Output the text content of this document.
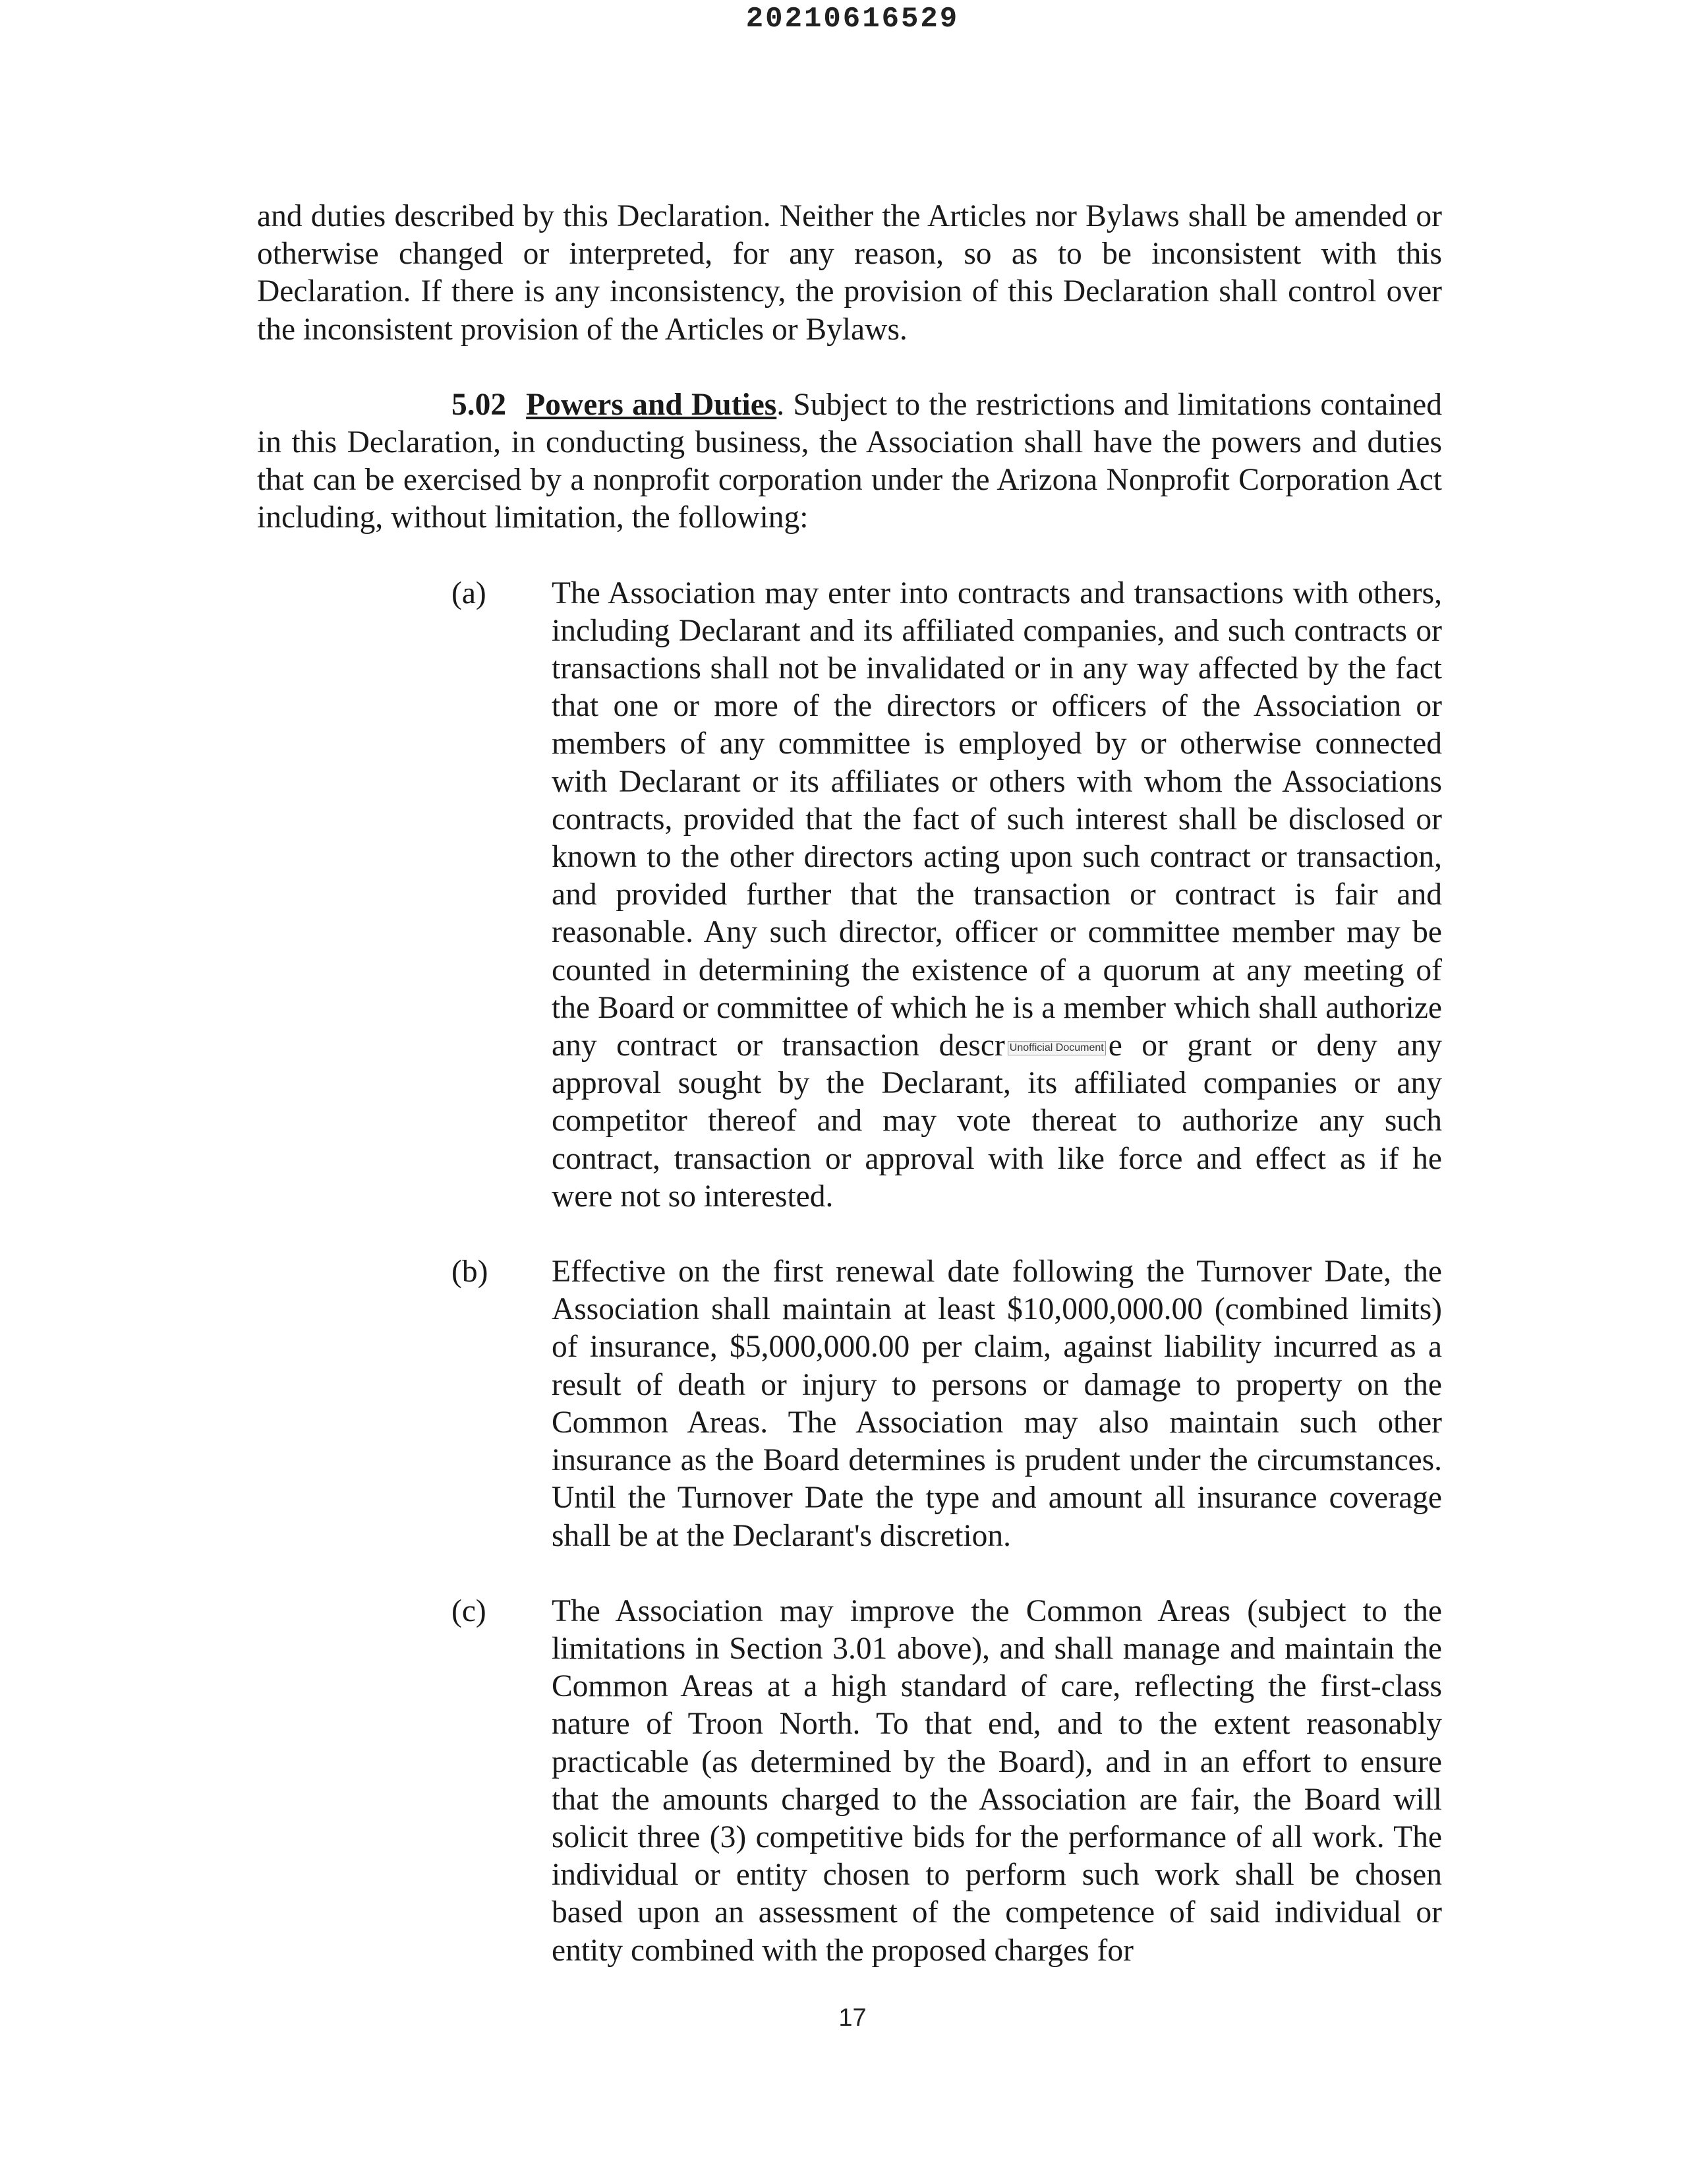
20210616529

and duties described by this Declaration. Neither the Articles nor Bylaws shall be amended or otherwise changed or interpreted, for any reason, so as to be inconsistent with this Declaration. If there is any inconsistency, the provision of this Declaration shall control over the inconsistent provision of the Articles or Bylaws.

5.02 Powers and Duties. Subject to the restrictions and limitations contained in this Declaration, in conducting business, the Association shall have the powers and duties that can be exercised by a nonprofit corporation under the Arizona Nonprofit Corporation Act including, without limitation, the following:

(a) The Association may enter into contracts and transactions with others, including Declarant and its affiliated companies, and such contracts or transactions shall not be invalidated or in any way affected by the fact that one or more of the directors or officers of the Association or members of any committee is employed by or otherwise connected with Declarant or its affiliates or others with whom the Associations contracts, provided that the fact of such interest shall be disclosed or known to the other directors acting upon such contract or transaction, and provided further that the transaction or contract is fair and reasonable. Any such director, officer or committee member may be counted in determining the existence of a quorum at any meeting of the Board or committee of which he is a member which shall authorize any contract or transaction descr Unofficial Document e or grant or deny any approval sought by the Declarant, its affiliated companies or any competitor thereof and may vote thereat to authorize any such contract, transaction or approval with like force and effect as if he were not so interested.
(b) Effective on the first renewal date following the Turnover Date, the Association shall maintain at least $10,000,000.00 (combined limits) of insurance, $5,000,000.00 per claim, against liability incurred as a result of death or injury to persons or damage to property on the Common Areas. The Association may also maintain such other insurance as the Board determines is prudent under the circumstances. Until the Turnover Date the type and amount all insurance coverage shall be at the Declarant's discretion.
(c) The Association may improve the Common Areas (subject to the limitations in Section 3.01 above), and shall manage and maintain the Common Areas at a high standard of care, reflecting the first-class nature of Troon North. To that end, and to the extent reasonably practicable (as determined by the Board), and in an effort to ensure that the amounts charged to the Association are fair, the Board will solicit three (3) competitive bids for the performance of all work. The individual or entity chosen to perform such work shall be chosen based upon an assessment of the competence of said individual or entity combined with the proposed charges for
17
